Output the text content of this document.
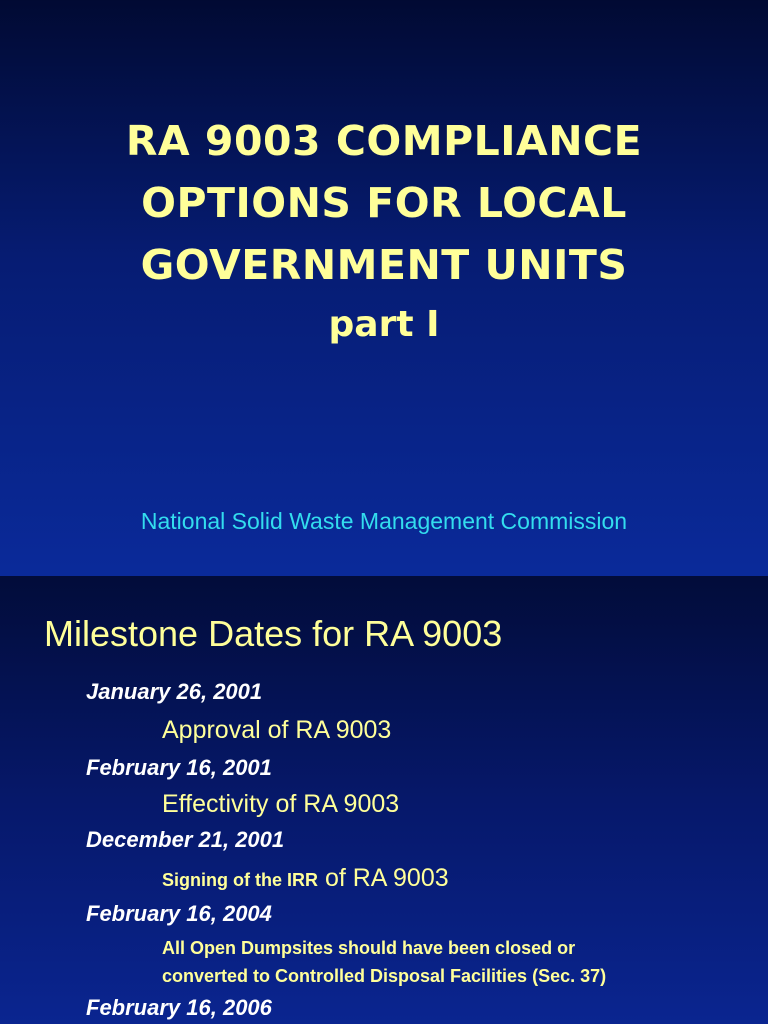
RA 9003 COMPLIANCE
OPTIONS FOR LOCAL
GOVERNMENT UNITS
part I
National Solid Waste Management Commission
Milestone Dates for RA 9003
January 26, 2001
Approval of RA 9003
February 16, 2001
Effectivity of RA 9003
December 21, 2001
Signing of the IRR of RA 9003
February 16, 2004
All Open Dumpsites should have been closed or
converted to Controlled Disposal Facilities (Sec. 37)
February 16, 2006
